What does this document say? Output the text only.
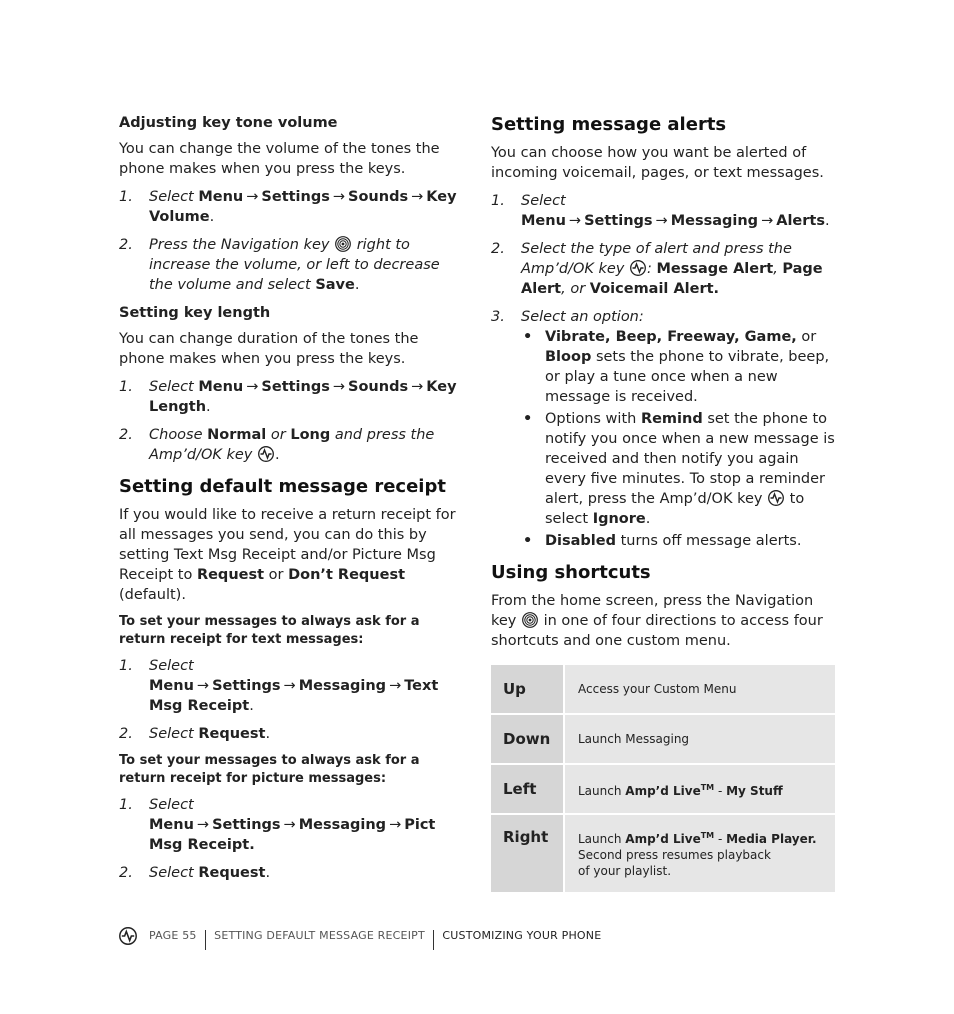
Adjusting key tone volume

You can change the volume of the tones the phone makes when you press the keys.

1. Select Menu → Settings → Sounds → Key Volume.
2. Press the Navigation key right to increase the volume, or left to decrease the volume and select Save.
Setting key length

You can change duration of the tones the phone makes when you press the keys.

1. Select Menu → Settings → Sounds → Key Length.
2. Choose Normal or Long and press the Amp’d/OK key .
Setting default message receipt

If you would like to receive a return receipt for all messages you send, you can do this by setting Text Msg Receipt and/or Picture Msg Receipt to Request or Don’t Request (default).

To set your messages to always ask for a return receipt for text messages:
1. Select Menu → Settings → Messaging → Text Msg Receipt.
2. Select Request.
To set your messages to always ask for a return receipt for picture messages:
1. Select Menu → Settings → Messaging → Pict Msg Receipt.
2. Select Request.
Setting message alerts

You can choose how you want be alerted of incoming voicemail, pages, or text messages.

1. Select Menu → Settings → Messaging → Alerts.
2. Select the type of alert and press the Amp’d/OK key : Message Alert, Page Alert, or Voicemail Alert.
3. Select an option:
• Vibrate, Beep, Freeway, Game, or Bloop sets the phone to vibrate, beep, or play a tune once when a new message is received.
• Options with Remind set the phone to notify you once when a new message is received and then notify you again every five minutes. To stop a reminder alert, press the Amp’d/OK key to select Ignore.
• Disabled turns off message alerts.
Using shortcuts

From the home screen, press the Navigation key in one of four directions to access four shortcuts and one custom menu.

Up	Access your Custom Menu
Down	Launch Messaging
Left	Launch Amp’d Live™ - My Stuff
Right	Launch Amp’d Live™ - Media Player.
Second press resumes playback of your playlist.
PAGE 55 SETTING DEFAULT MESSAGE RECEIPT CUSTOMIZING YOUR PHONE
